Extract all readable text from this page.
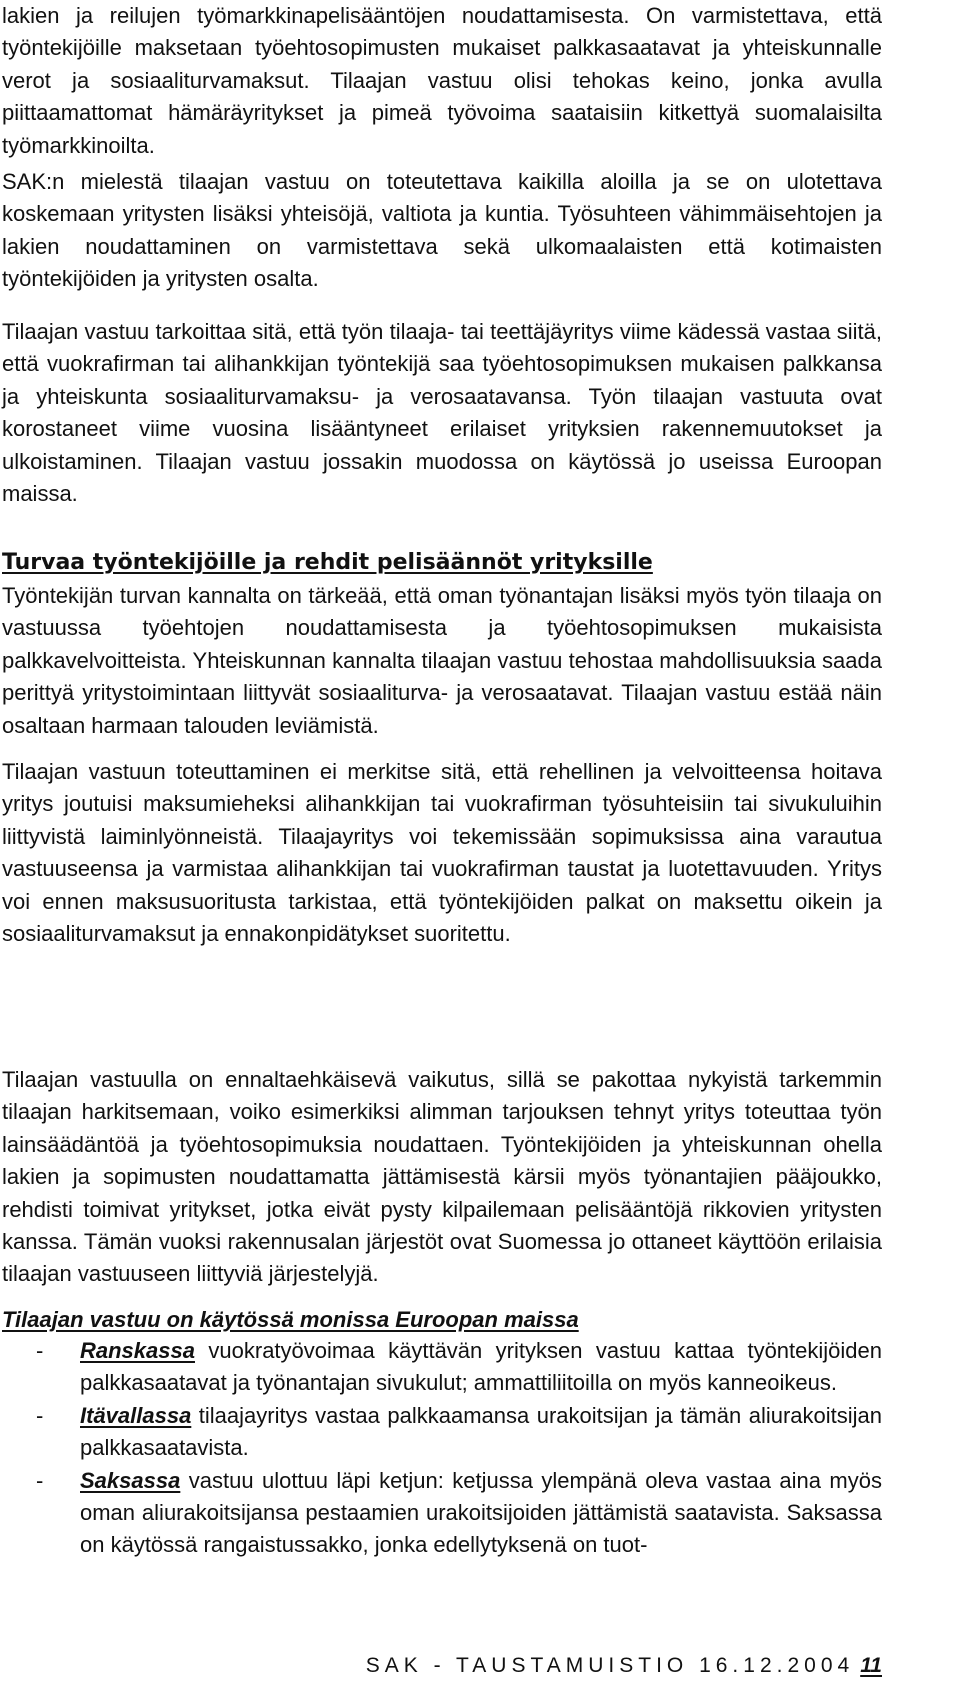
lakien ja reilujen työmarkkinapelisääntöjen noudattamisesta. On varmistettava, että työntekijöille maksetaan työehtosopimusten mukaiset palkkasaatavat ja yhteiskunnalle verot ja sosiaaliturvamaksut. Tilaajan vastuu olisi tehokas keino, jonka avulla piittaamattomat hämäräyritykset ja pimeä työvoima saataisiin kitkettyä suomalaisilta työmarkkinoilta.

SAK:n mielestä tilaajan vastuu on toteutettava kaikilla aloilla ja se on ulotettava koskemaan yritysten lisäksi yhteisöjä, valtiota ja kuntia. Työsuhteen vähimmäisehtojen ja lakien noudattaminen on varmistettava sekä ulkomaalaisten että kotimaisten työntekijöiden ja yritysten osalta.

Tilaajan vastuu tarkoittaa sitä, että työn tilaaja- tai teettäjäyritys viime kädessä vastaa siitä, että vuokrafirman tai alihankkijan työntekijä saa työehtosopimuksen mukaisen palkkansa ja yhteiskunta sosiaaliturvamaksu- ja verosaatavansa. Työn tilaajan vastuuta ovat korostaneet viime vuosina lisääntyneet erilaiset yrityksien rakennemuutokset ja ulkoistaminen. Tilaajan vastuu jossakin muodossa on käytössä jo useissa Euroopan maissa.

Turvaa työntekijöille ja rehdit pelisäännöt yrityksille

Työntekijän turvan kannalta on tärkeää, että oman työnantajan lisäksi myös työn tilaaja on vastuussa työehtojen noudattamisesta ja työehtosopimuksen mukaisista palkkavelvoitteista. Yhteiskunnan kannalta tilaajan vastuu tehostaa mahdollisuuksia saada perittyä yritystoimintaan liittyvät sosiaaliturva- ja verosaatavat. Tilaajan vastuu estää näin osaltaan harmaan talouden leviämistä.

Tilaajan vastuun toteuttaminen ei merkitse sitä, että rehellinen ja velvoitteensa hoitava yritys joutuisi maksumieheksi alihankkijan tai vuokrafirman työsuhteisiin tai sivukuluihin liittyvistä laiminlyönneistä. Tilaajayritys voi tekemissään sopimuksissa aina varautua vastuuseensa ja varmistaa alihankkijan tai vuokrafirman taustat ja luotettavuuden. Yritys voi ennen maksusuoritusta tarkistaa, että työntekijöiden palkat on maksettu oikein ja sosiaaliturvamaksut ja ennakonpidätykset suoritettu.

Tilaajan vastuulla on ennaltaehkäisevä vaikutus, sillä se pakottaa nykyistä tarkemmin tilaajan harkitsemaan, voiko esimerkiksi alimman tarjouksen tehnyt yritys toteuttaa työn lainsäädäntöä ja työehtosopimuksia noudattaen. Työntekijöiden ja yhteiskunnan ohella lakien ja sopimusten noudattamatta jättämisestä kärsii myös työnantajien pääjoukko, rehdisti toimivat yritykset, jotka eivät pysty kilpailemaan pelisääntöjä rikkovien yritysten kanssa. Tämän vuoksi rakennusalan järjestöt ovat Suomessa jo ottaneet käyttöön erilaisia tilaajan vastuuseen liittyviä järjestelyjä.

Tilaajan vastuu on käytössä monissa Euroopan maissa
- Ranskassa vuokratyövoimaa käyttävän yrityksen vastuu kattaa työntekijöiden palkkasaatavat ja työnantajan sivukulut; ammattiliitoilla on myös kanneoikeus.
- Itävallassa tilaajayritys vastaa palkkaamansa urakoitsijan ja tämän aliurakoitsijan palkkasaatavista.
- Saksassa vastuu ulottuu läpi ketjun: ketjussa ylempänä oleva vastaa aina myös oman aliurakoitsijansa pestaamien urakoitsijoiden jättämistä saatavista. Saksassa on käytössä rangaistussakko, jonka edellytyksenä on tuot-

SAK - TAUSTAMUISTIO 16.12.2004 11
